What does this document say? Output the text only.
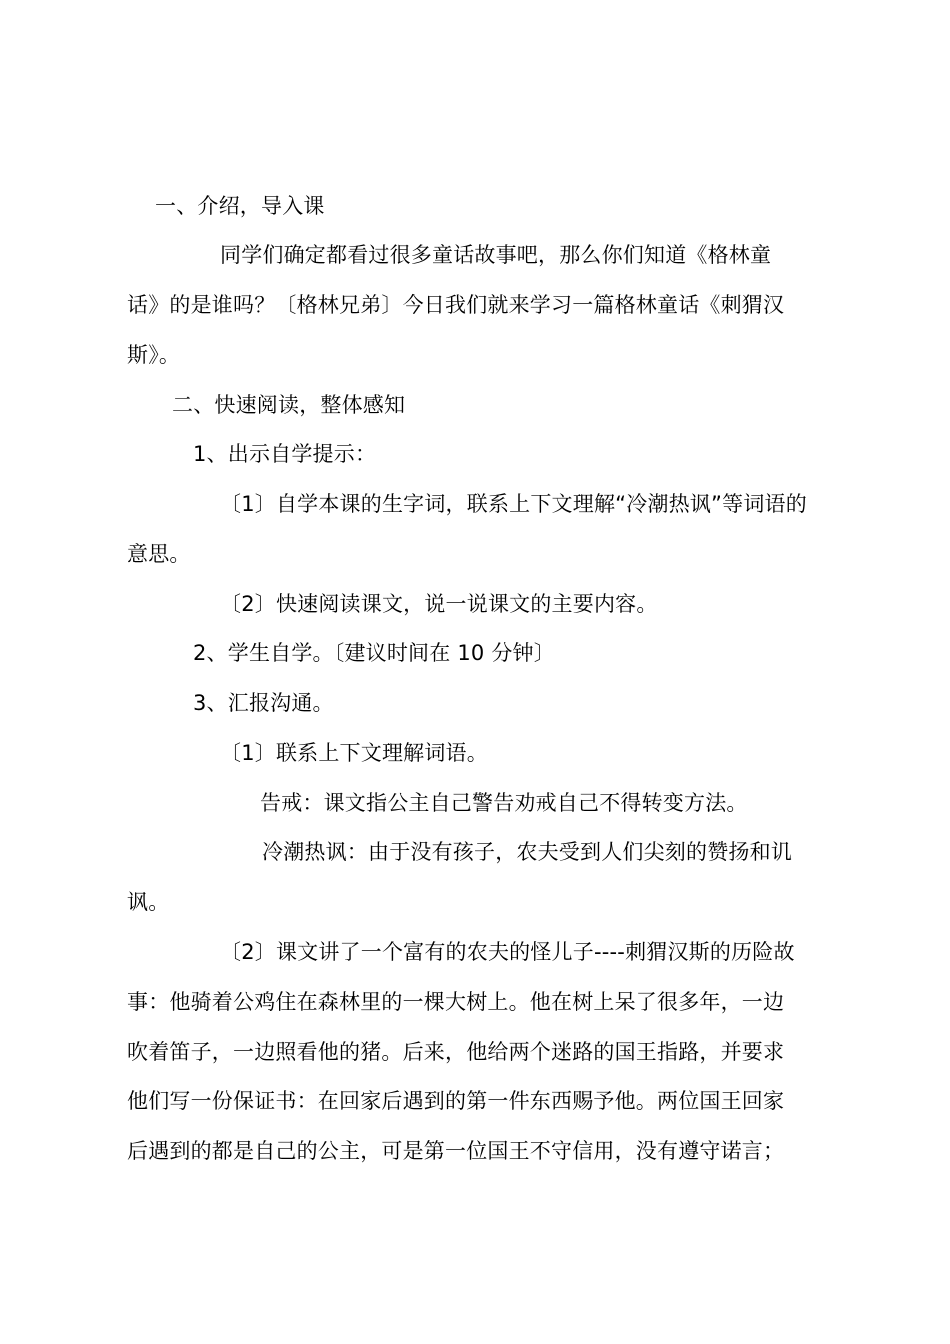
一、介绍，导入课
同学们确定都看过很多童话故事吧，那么你们知道《格林童
话》的是谁吗？〔格林兄弟〕今日我们就来学习一篇格林童话《刺猬汉
斯》。
二、快速阅读，整体感知
1、出示自学提示：
〔1〕自学本课的生字词，联系上下文理解“冷潮热讽”等词语的
意思。
〔2〕快速阅读课文，说一说课文的主要内容。
2、学生自学。〔建议时间在 10 分钟〕
3、汇报沟通。
〔1〕联系上下文理解词语。
告戒：课文指公主自己警告劝戒自己不得转变方法。
冷潮热讽：由于没有孩子，农夫受到人们尖刻的赞扬和讥
讽。
〔2〕课文讲了一个富有的农夫的怪儿子----刺猬汉斯的历险故
事：他骑着公鸡住在森林里的一棵大树上。他在树上呆了很多年，一边
吹着笛子，一边照看他的猪。后来，他给两个迷路的国王指路，并要求
他们写一份保证书：在回家后遇到的第一件东西赐予他。两位国王回家
后遇到的都是自己的公主，可是第一位国王不守信用，没有遵守诺言；
